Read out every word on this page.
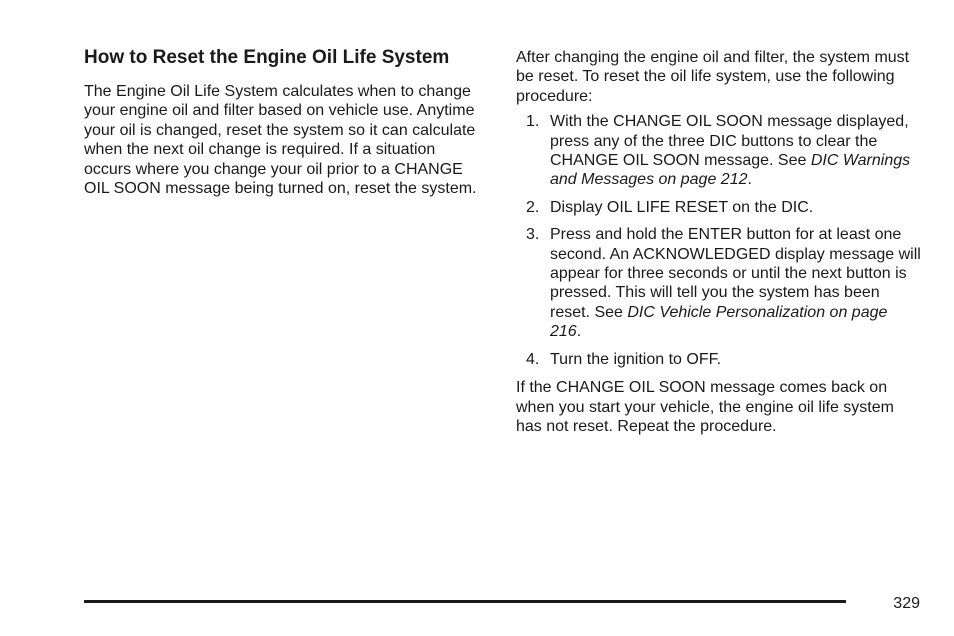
How to Reset the Engine Oil Life System

The Engine Oil Life System calculates when to change your engine oil and filter based on vehicle use. Anytime your oil is changed, reset the system so it can calculate when the next oil change is required. If a situation occurs where you change your oil prior to a CHANGE OIL SOON message being turned on, reset the system.

After changing the engine oil and filter, the system must be reset. To reset the oil life system, use the following procedure:

1. With the CHANGE OIL SOON message displayed, press any of the three DIC buttons to clear the CHANGE OIL SOON message. See DIC Warnings and Messages on page 212.
2. Display OIL LIFE RESET on the DIC.
3. Press and hold the ENTER button for at least one second. An ACKNOWLEDGED display message will appear for three seconds or until the next button is pressed. This will tell you the system has been reset. See DIC Vehicle Personalization on page 216.
4. Turn the ignition to OFF.

If the CHANGE OIL SOON message comes back on when you start your vehicle, the engine oil life system has not reset. Repeat the procedure.

329
